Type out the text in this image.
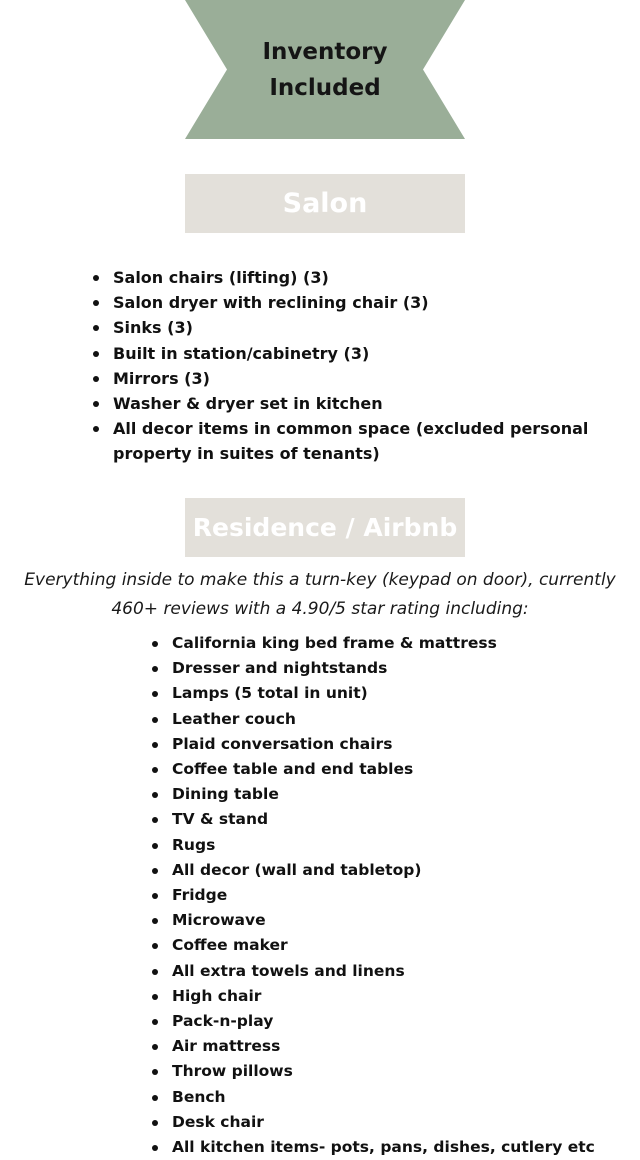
Inventory
Included
Salon
Salon chairs (lifting) (3)
Salon dryer with reclining chair (3)
Sinks (3)
Built in station/cabinetry (3)
Mirrors (3)
Washer & dryer set in kitchen
All decor items in common space (excluded personal property in suites of tenants)
Residence / Airbnb
Everything inside to make this a turn-key (keypad on door), currently
460+ reviews with a 4.90/5 star rating including:
California king bed frame & mattress
Dresser and nightstands
Lamps (5 total in unit)
Leather couch
Plaid conversation chairs
Coffee table and end tables
Dining table
TV & stand
Rugs
All decor (wall and tabletop)
Fridge
Microwave
Coffee maker
All extra towels and linens
High chair
Pack-n-play
Air mattress
Throw pillows
Bench
Desk chair
All kitchen items- pots, pans, dishes, cutlery etc
